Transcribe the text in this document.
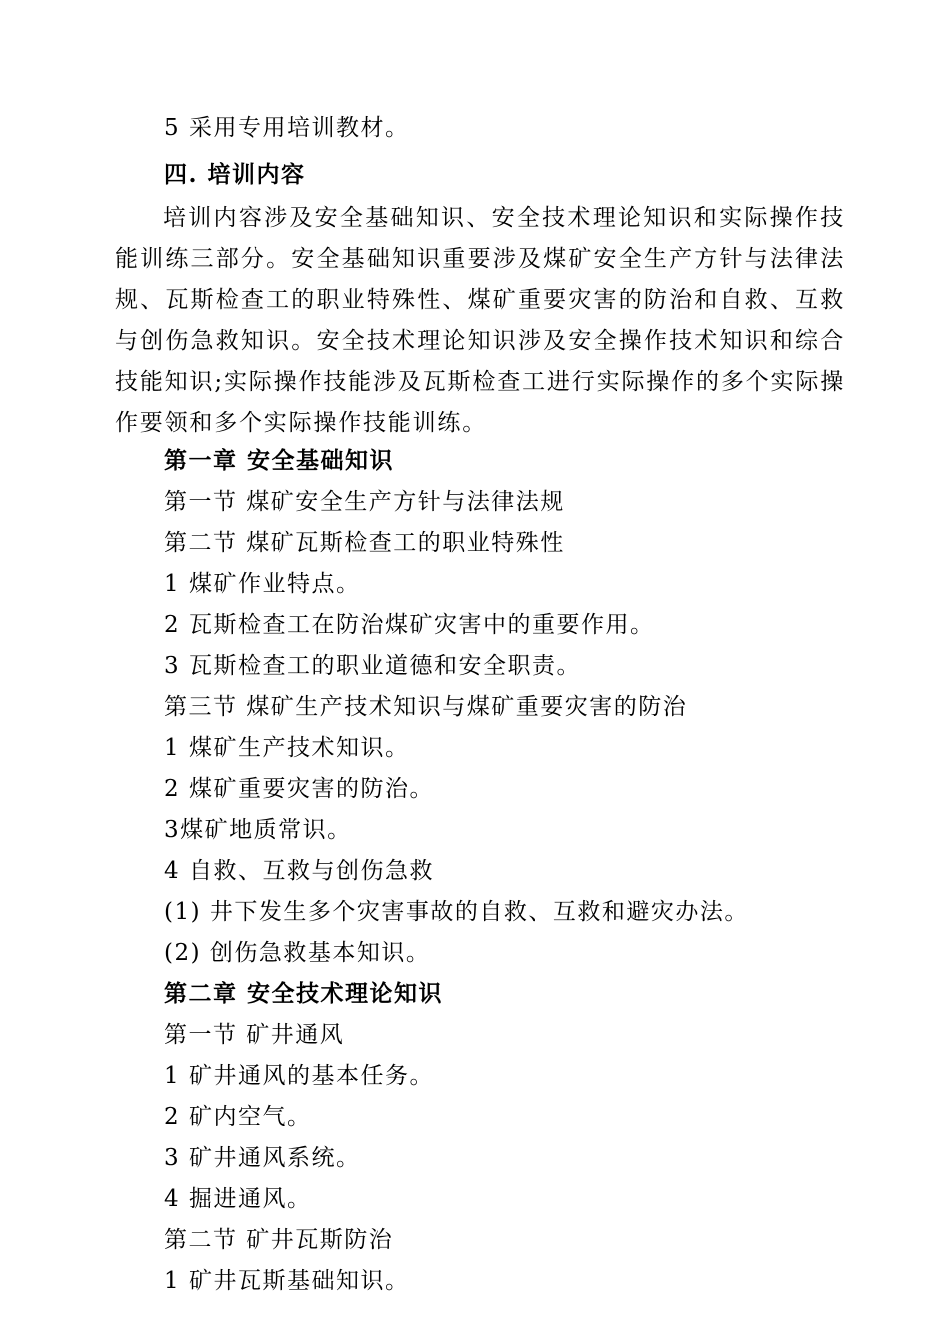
5 采用专用培训教材。
四. 培训内容

培训内容涉及安全基础知识、安全技术理论知识和实际操作技能训练三部分。安全基础知识重要涉及煤矿安全生产方针与法律法规、瓦斯检查工的职业特殊性、煤矿重要灾害的防治和自救、互救与创伤急救知识。安全技术理论知识涉及安全操作技术知识和综合技能知识;实际操作技能涉及瓦斯检查工进行实际操作的多个实际操作要领和多个实际操作技能训练。

第一章 安全基础知识
第一节 煤矿安全生产方针与法律法规
第二节 煤矿瓦斯检查工的职业特殊性
1 煤矿作业特点。
2 瓦斯检查工在防治煤矿灾害中的重要作用。
3 瓦斯检查工的职业道德和安全职责。
第三节 煤矿生产技术知识与煤矿重要灾害的防治
1 煤矿生产技术知识。
2 煤矿重要灾害的防治。
3煤矿地质常识。
4 自救、互救与创伤急救
(1) 井下发生多个灾害事故的自救、互救和避灾办法。
(2) 创伤急救基本知识。
第二章 安全技术理论知识
第一节 矿井通风
1 矿井通风的基本任务。
2 矿内空气。
3 矿井通风系统。
4 掘进通风。
第二节 矿井瓦斯防治
1 矿井瓦斯基础知识。
